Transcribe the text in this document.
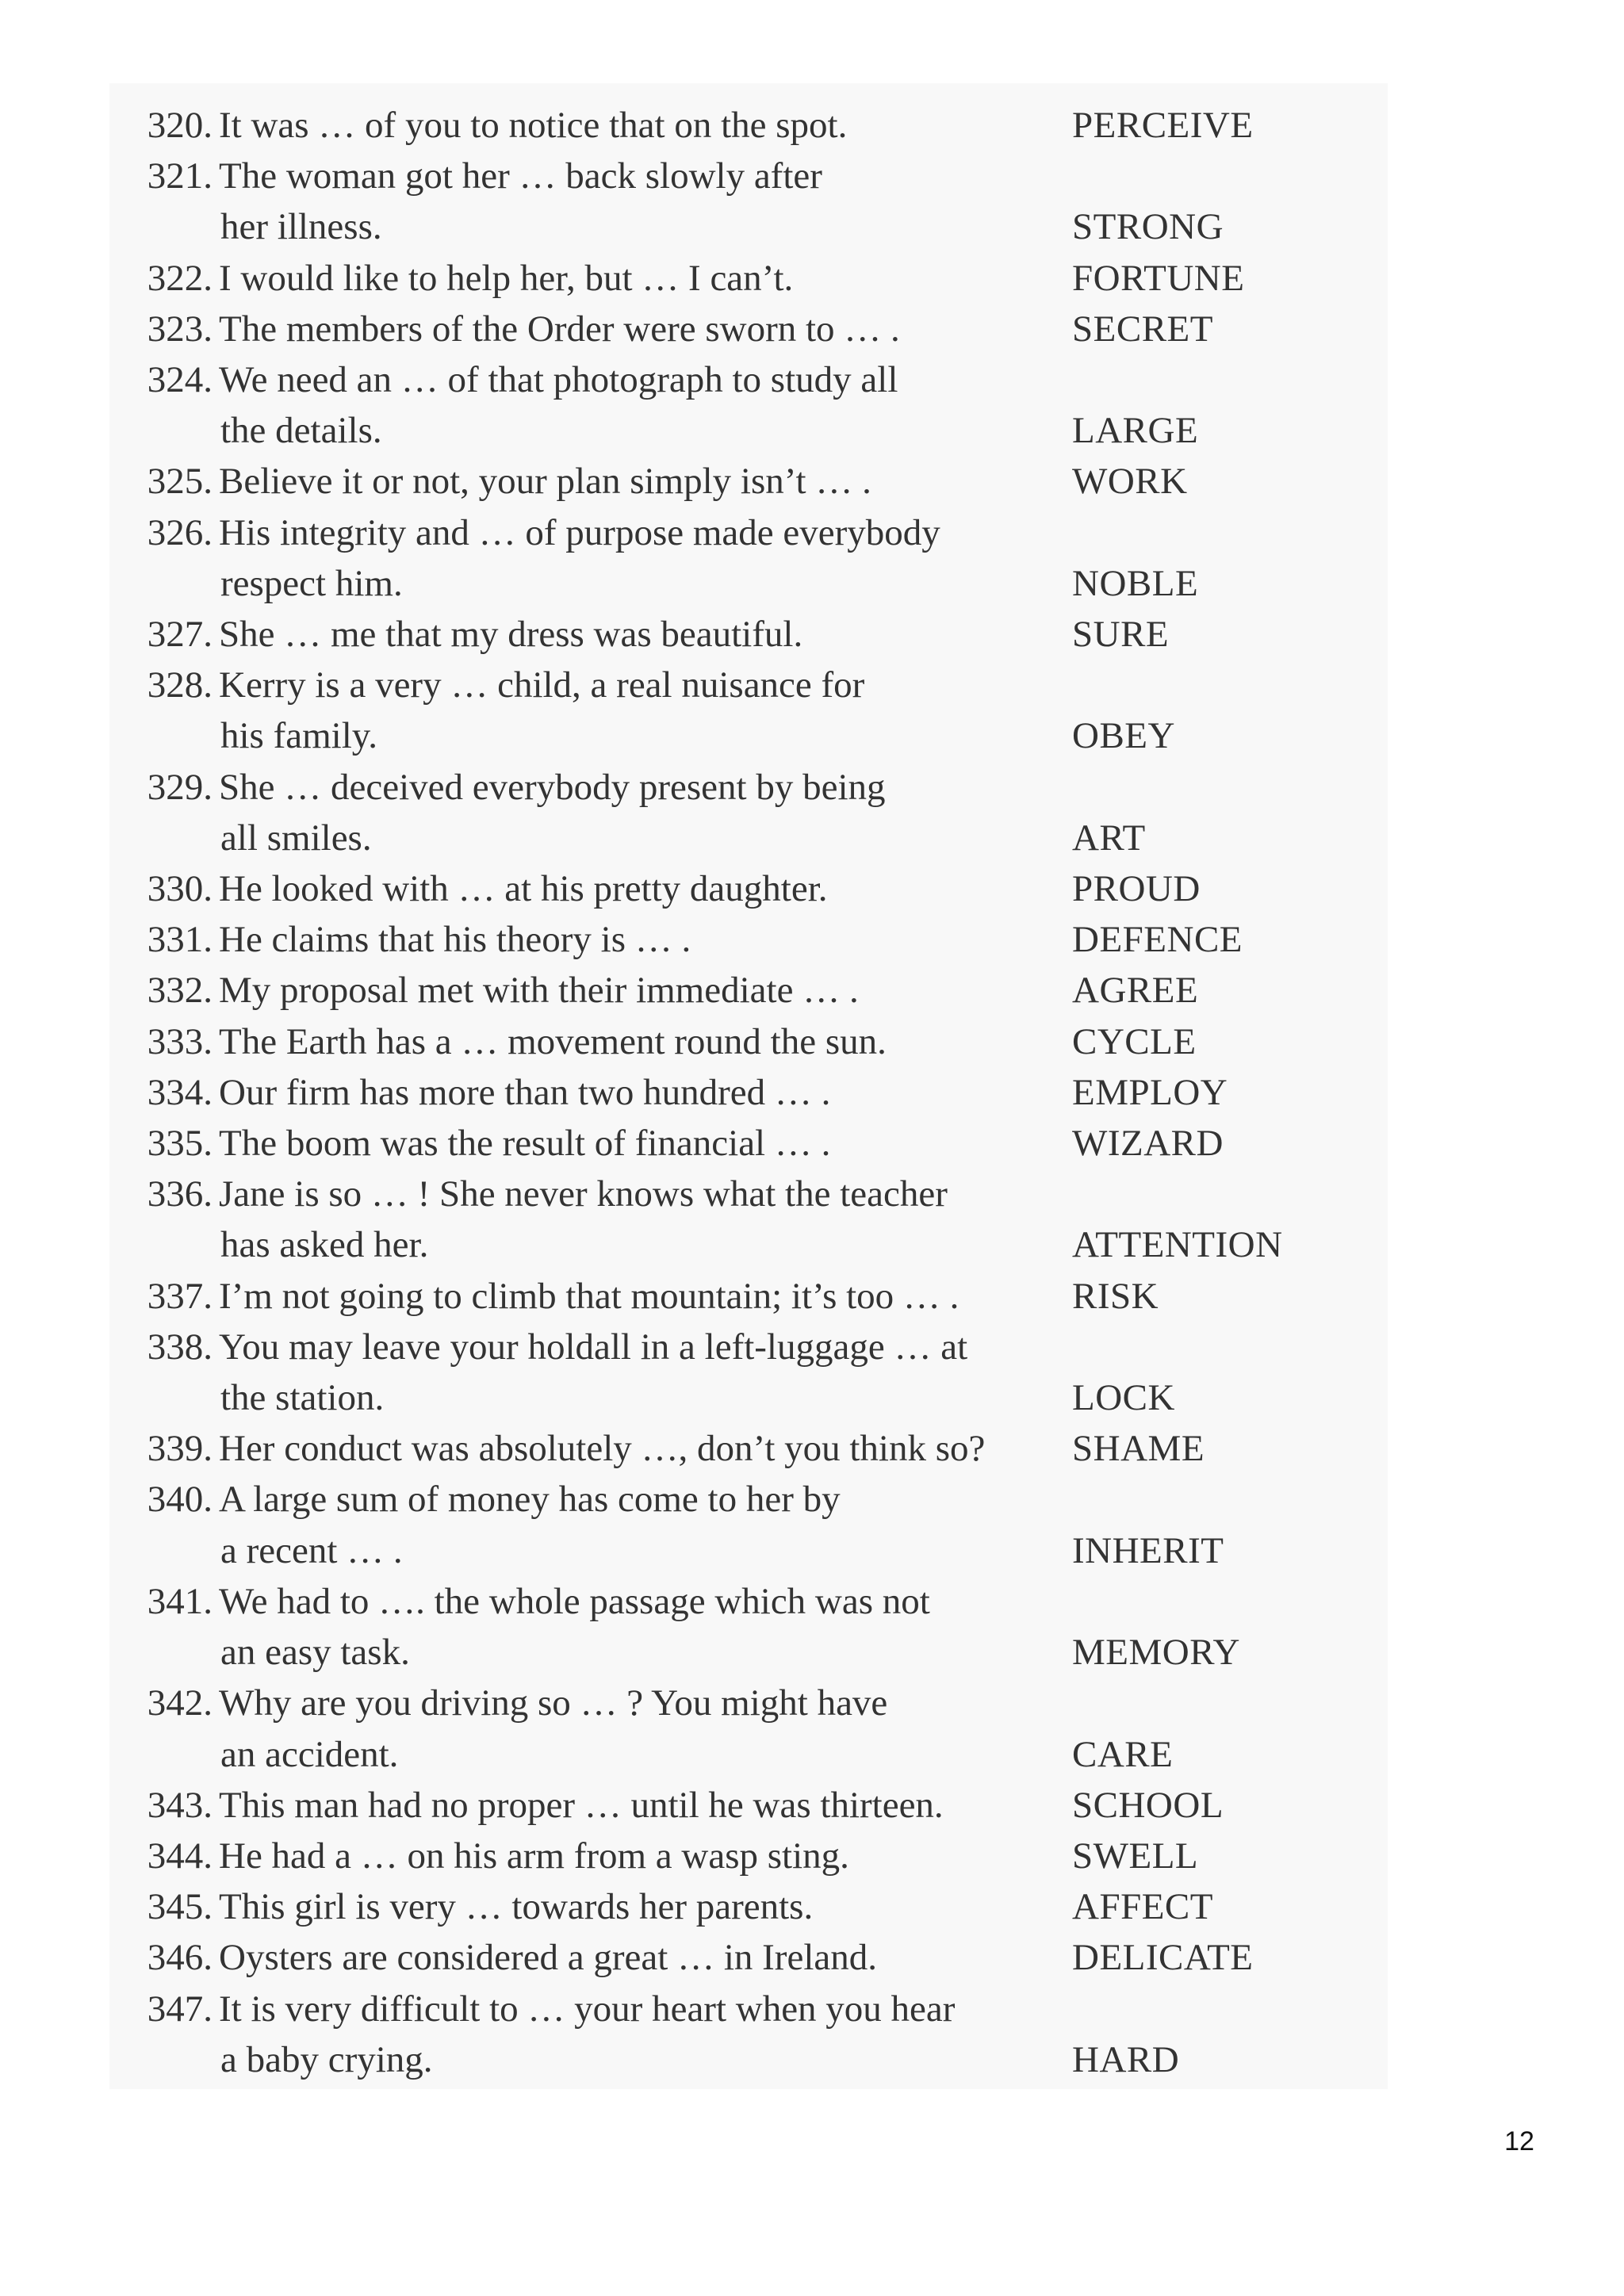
320. It was … of you to notice that on the spot.	PERCEIVE
321. The woman got her … back slowly after
her illness.	STRONG
322. I would like to help her, but … I can’t.	FORTUNE
323. The members of the Order were sworn to … .	SECRET
324. We need an … of that photograph to study all
the details.	LARGE
325. Believe it or not, your plan simply isn’t … .	WORK
326. His integrity and … of purpose made everybody
respect him.	NOBLE
327. She … me that my dress was beautiful.	SURE
328. Kerry is a very … child, a real nuisance for
his family.	OBEY
329. She … deceived everybody present by being
all smiles.	ART
330. He looked with … at his pretty daughter.	PROUD
331. He claims that his theory is … .	DEFENCE
332. My proposal met with their immediate … .	AGREE
333. The Earth has a … movement round the sun.	CYCLE
334. Our firm has more than two hundred … .	EMPLOY
335. The boom was the result of financial … .	WIZARD
336. Jane is so … ! She never knows what the teacher
has asked her.	ATTENTION
337. I’m not going to climb that mountain; it’s too … .	RISK
338. You may leave your holdall in a left-luggage … at
the station.	LOCK
339. Her conduct was absolutely …, don’t you think so?	SHAME
340. A large sum of money has come to her by
a recent … .	INHERIT
341. We had to …. the whole passage which was not
an easy task.	MEMORY
342. Why are you driving so … ? You might have
an accident.	CARE
343. This man had no proper … until he was thirteen.	SCHOOL
344. He had a … on his arm from a wasp sting.	SWELL
345. This girl is very … towards her parents.	AFFECT
346. Oysters are considered a great … in Ireland.	DELICATE
347. It is very difficult to … your heart when you hear
a baby crying.	HARD
12
